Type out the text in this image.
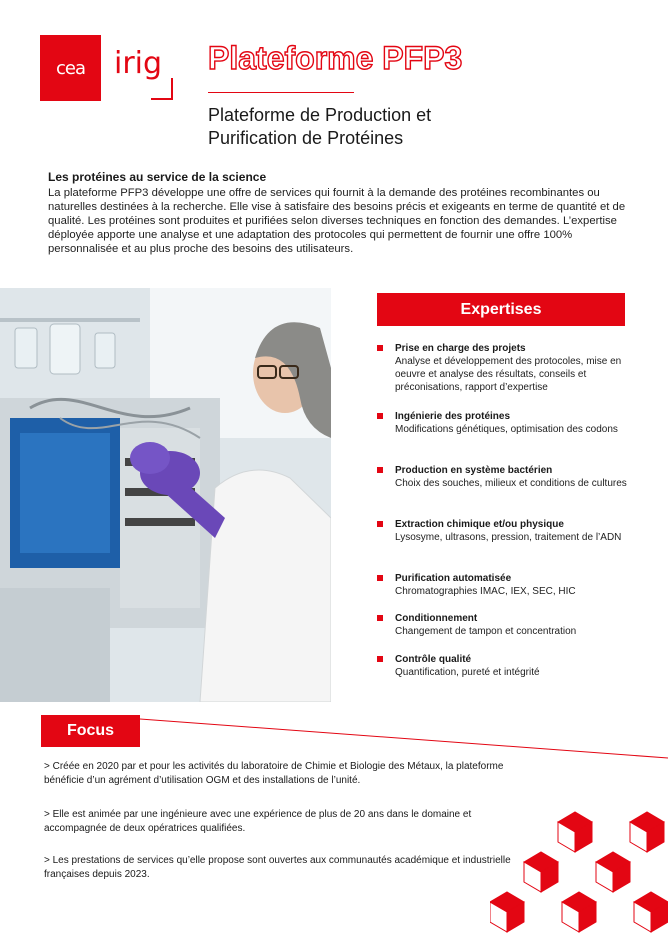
cea irig Plateforme PFP3
Plateforme de Production et
Purification de Protéines
Les protéines au service de la science
La plateforme PFP3 développe une offre de services qui fournit à la demande des protéines recombinantes ou naturelles destinées à la recherche. Elle vise à satisfaire des besoins précis et exigeants en terme de quantité et de qualité. Les protéines sont produites et purifiées selon diverses techniques en fonction des demandes. L’expertise déployée apporte une analyse et une adaptation des protocoles qui permettent de fournir une offre 100% personnalisée et au plus proche des besoins des utilisateurs.
Expertises
Prise en charge des projets
Analyse et développement des protocoles, mise en oeuvre et analyse des résultats, conseils et préconisations, rapport d’expertise
Ingénierie des protéines
Modifications génétiques, optimisation des codons
Production en système bactérien
Choix des souches, milieux et conditions de cultures
Extraction chimique et/ou physique
Lysosyme, ultrasons, pression, traitement de l’ADN
Purification automatisée
Chromatographies IMAC, IEX, SEC, HIC
Conditionnement
Changement de tampon et concentration
Contrôle qualité
Quantification, pureté et intégrité
Focus
> Créée en 2020 par et pour les activités du laboratoire de Chimie et Biologie des Métaux, la plateforme bénéficie d’un agrément d’utilisation OGM et des installations de l’unité.
> Elle est animée par une ingénieure avec une expérience de plus de 20 ans dans le domaine et accompagnée de deux opératrices qualifiées.
> Les prestations de services qu’elle propose sont ouvertes aux communautés académique et industrielle françaises depuis 2023.
